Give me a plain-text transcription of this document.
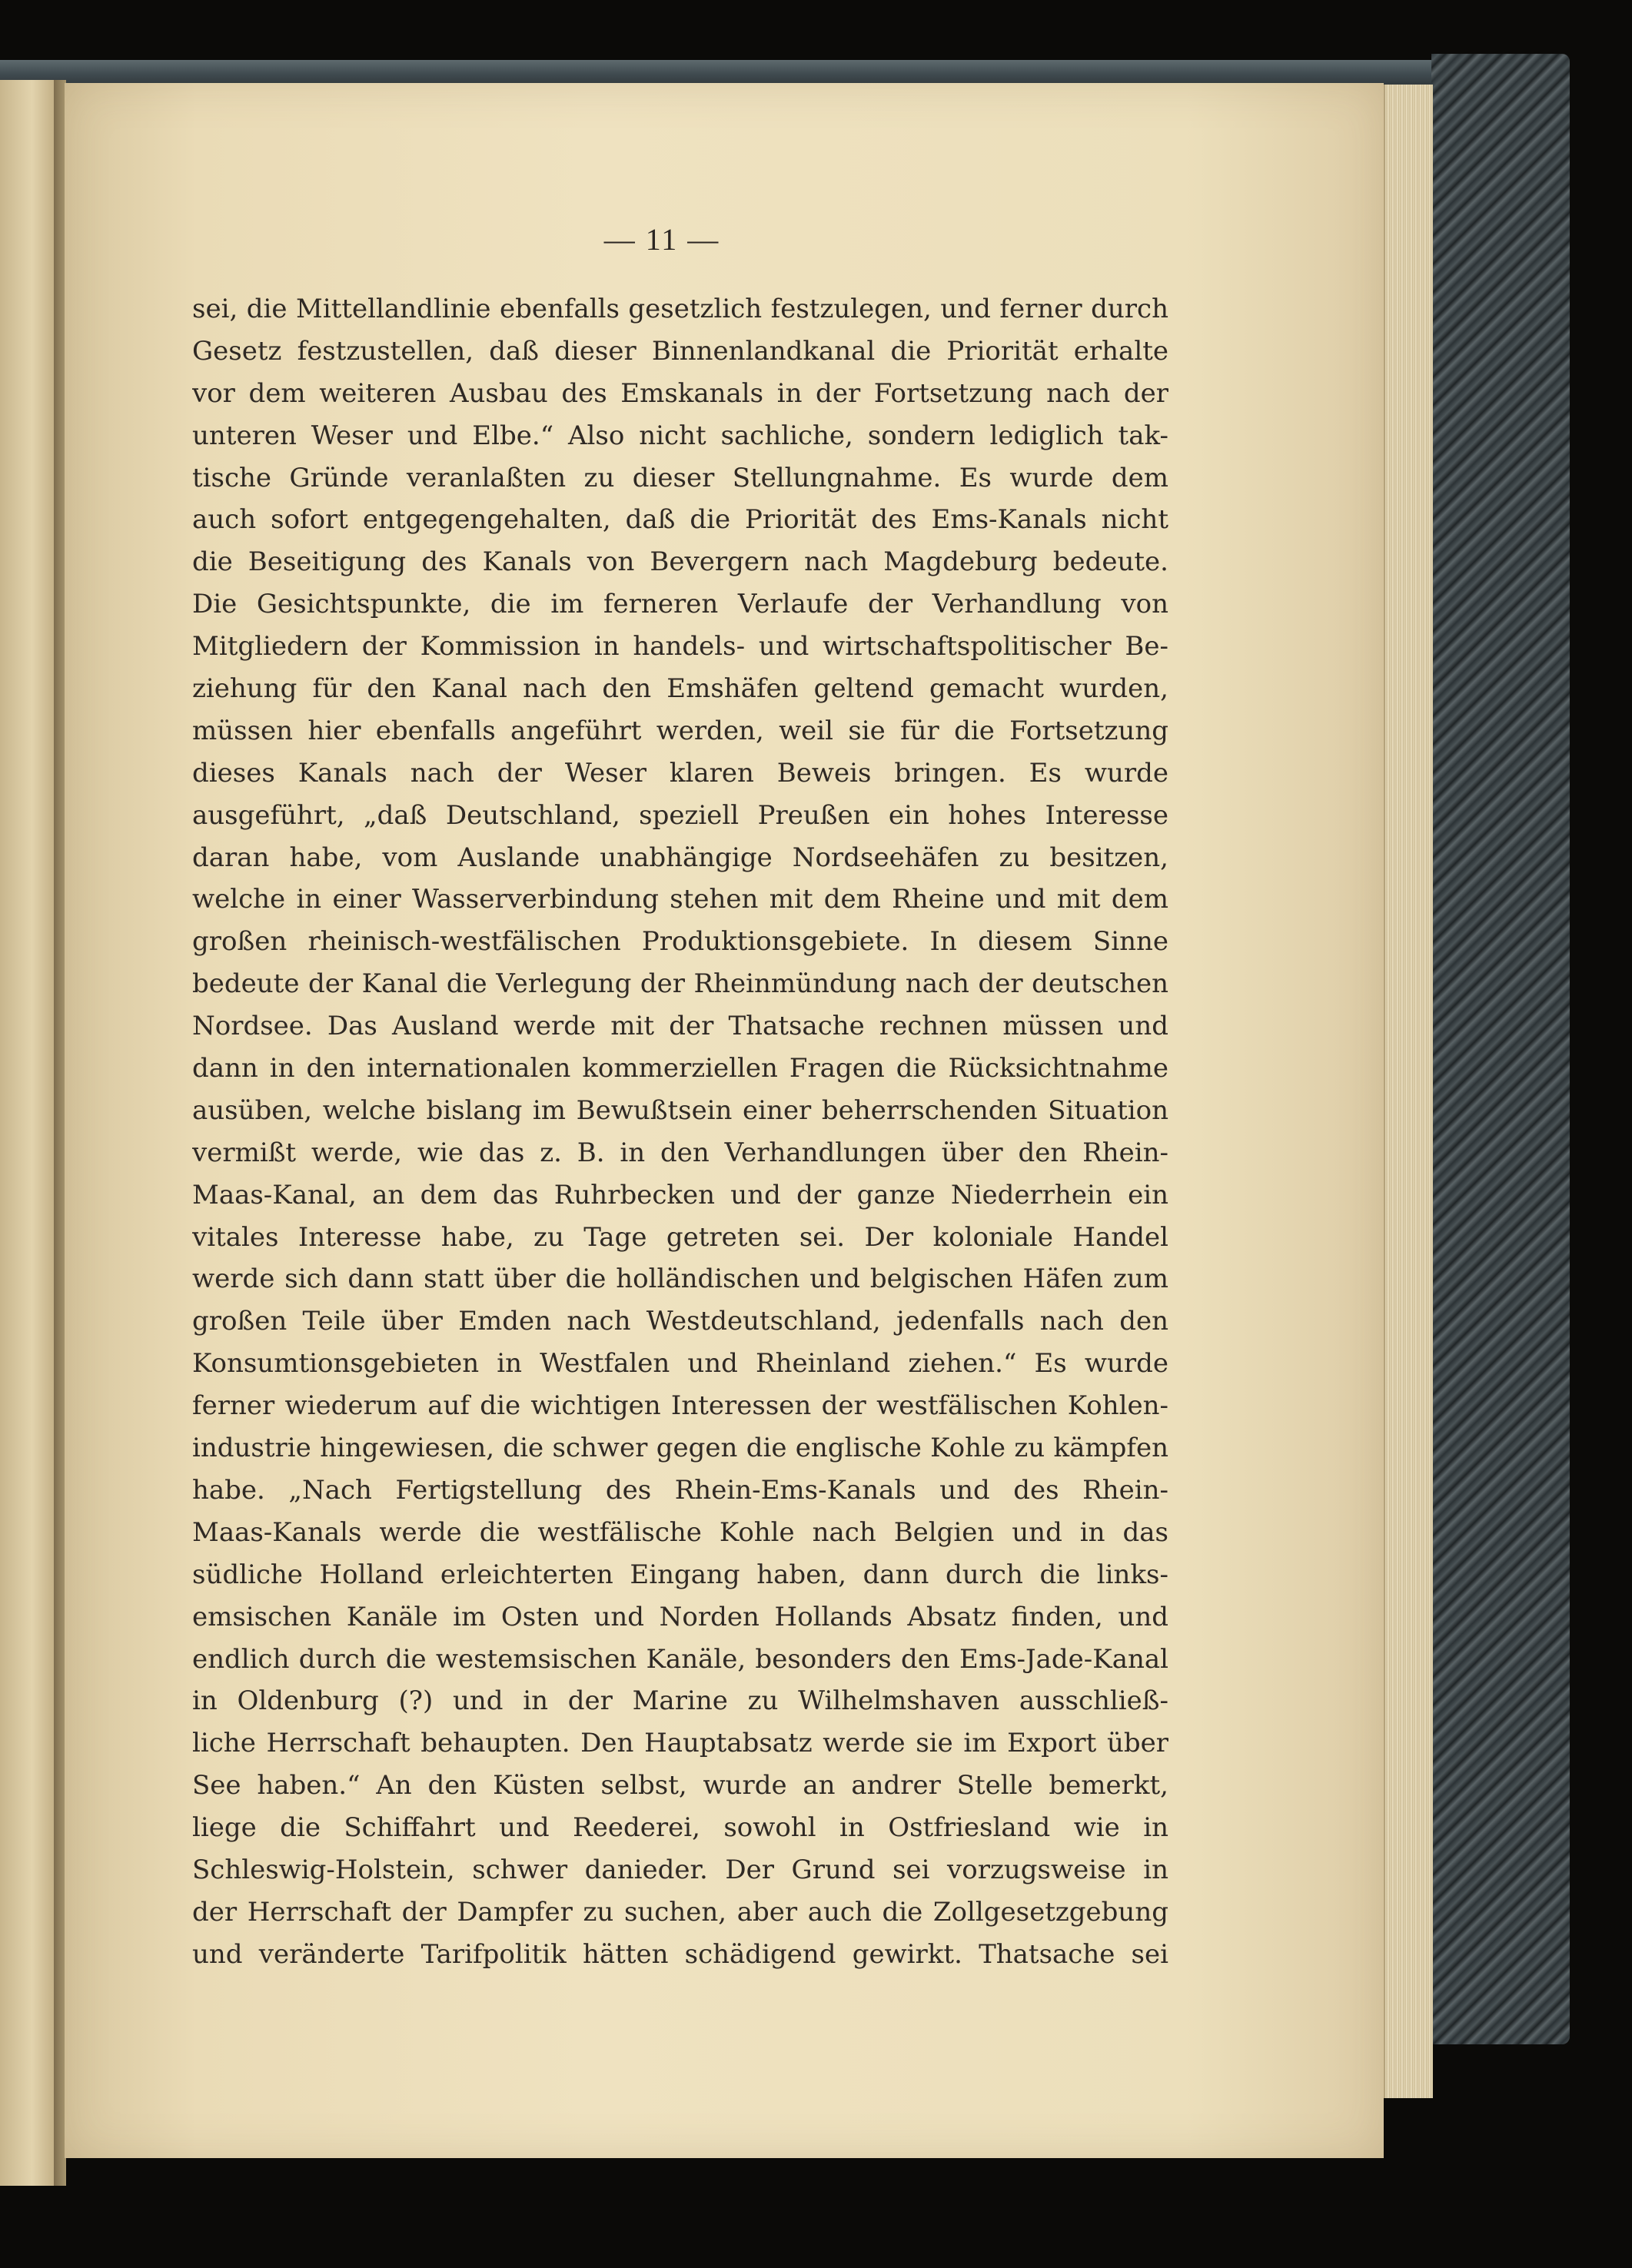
— 11 —
sei, die Mittellandlinie ebenfalls gesetzlich festzulegen, und ferner durch
Gesetz festzustellen, daß dieser Binnenlandkanal die Priorität erhalte
vor dem weiteren Ausbau des Emskanals in der Fortsetzung nach der
unteren Weser und Elbe.“ Also nicht sachliche, sondern lediglich tak-
tische Gründe veranlaßten zu dieser Stellungnahme. Es wurde dem
auch sofort entgegengehalten, daß die Priorität des Ems-Kanals nicht
die Beseitigung des Kanals von Bevergern nach Magdeburg bedeute.
Die Gesichtspunkte, die im ferneren Verlaufe der Verhandlung von
Mitgliedern der Kommission in handels- und wirtschaftspolitischer Be-
ziehung für den Kanal nach den Emshäfen geltend gemacht wurden,
müssen hier ebenfalls angeführt werden, weil sie für die Fortsetzung
dieses Kanals nach der Weser klaren Beweis bringen. Es wurde
ausgeführt, „daß Deutschland, speziell Preußen ein hohes Interesse
daran habe, vom Auslande unabhängige Nordseehäfen zu besitzen,
welche in einer Wasserverbindung stehen mit dem Rheine und mit dem
großen rheinisch-westfälischen Produktionsgebiete. In diesem Sinne
bedeute der Kanal die Verlegung der Rheinmündung nach der deutschen
Nordsee. Das Ausland werde mit der Thatsache rechnen müssen und
dann in den internationalen kommerziellen Fragen die Rücksichtnahme
ausüben, welche bislang im Bewußtsein einer beherrschenden Situation
vermißt werde, wie das z. B. in den Verhandlungen über den Rhein-
Maas-Kanal, an dem das Ruhrbecken und der ganze Niederrhein ein
vitales Interesse habe, zu Tage getreten sei. Der koloniale Handel
werde sich dann statt über die holländischen und belgischen Häfen zum
großen Teile über Emden nach Westdeutschland, jedenfalls nach den
Konsumtionsgebieten in Westfalen und Rheinland ziehen.“ Es wurde
ferner wiederum auf die wichtigen Interessen der westfälischen Kohlen-
industrie hingewiesen, die schwer gegen die englische Kohle zu kämpfen
habe. „Nach Fertigstellung des Rhein-Ems-Kanals und des Rhein-
Maas-Kanals werde die westfälische Kohle nach Belgien und in das
südliche Holland erleichterten Eingang haben, dann durch die links-
emsischen Kanäle im Osten und Norden Hollands Absatz finden, und
endlich durch die westemsischen Kanäle, besonders den Ems-Jade-Kanal
in Oldenburg (?) und in der Marine zu Wilhelmshaven ausschließ-
liche Herrschaft behaupten. Den Hauptabsatz werde sie im Export über
See haben.“ An den Küsten selbst, wurde an andrer Stelle bemerkt,
liege die Schiffahrt und Reederei, sowohl in Ostfriesland wie in
Schleswig-Holstein, schwer danieder. Der Grund sei vorzugsweise in
der Herrschaft der Dampfer zu suchen, aber auch die Zollgesetzgebung
und veränderte Tarifpolitik hätten schädigend gewirkt. Thatsache sei
